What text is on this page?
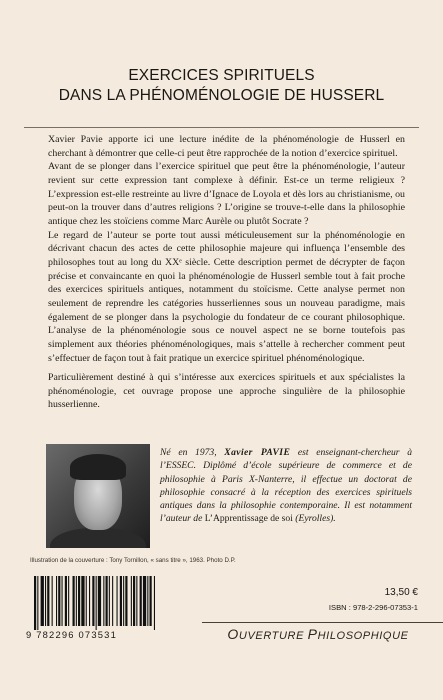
EXERCICES SPIRITUELS
DANS LA PHÉNOMÉNOLOGIE DE HUSSERL

Xavier Pavie apporte ici une lecture inédite de la phénoménologie de Husserl en cherchant à démontrer que celle-ci peut être rapprochée de la notion d’exercice spirituel.

Avant de se plonger dans l’exercice spirituel que peut être la phénoménologie, l’auteur revient sur cette expression tant complexe à définir. Est-ce un terme religieux ? L’expression est-elle restreinte au livre d’Ignace de Loyola et dès lors au christianisme, ou peut-on la trouver dans d’autres religions ? L’origine se trouve-t-elle dans la philosophie antique chez les stoïciens comme Marc Aurèle ou plutôt Socrate ?

Le regard de l’auteur se porte tout aussi méticuleusement sur la phénoménologie en décrivant chacun des actes de cette philosophie majeure qui influença l’ensemble des philosophes tout au long du XXᵉ siècle. Cette description permet de décrypter de façon précise et convaincante en quoi la phénoménologie de Husserl semble tout à fait proche des exercices spirituels antiques, notamment du stoïcisme. Cette analyse permet non seulement de reprendre les catégories husserliennes sous un nouveau paradigme, mais également de se plonger dans la psychologie du fondateur de ce courant philosophique. L’analyse de la phénoménologie sous ce nouvel aspect ne se borne toutefois pas simplement aux théories phénoménologiques, mais s’attelle à rechercher comment peut s’effectuer de façon tout à fait pratique un exercice spirituel phénoménologique.

Particulièrement destiné à qui s’intéresse aux exercices spirituels et aux spécialistes la phénoménologie, cet ouvrage propose une approche singulière de la philosophie husserlienne.

Né en 1973, Xavier PAVIE est enseignant-chercheur à l’ESSEC. Diplômé d’école supérieure de commerce et de philosophie à Paris X-Nanterre, il effectue un doctorat de philosophie consacré à la réception des exercices spirituels antiques dans la philosophie contemporaine. Il est notamment l’auteur de L’Apprentissage de soi (Eyrolles).
Illustration de la couverture : Tony Tornillon, « sans titre », 1963. Photo D.P.
9 782296 073531
13,50 €
ISBN : 978-2-296-07353-1
OUVERTURE PHILOSOPHIQUE
